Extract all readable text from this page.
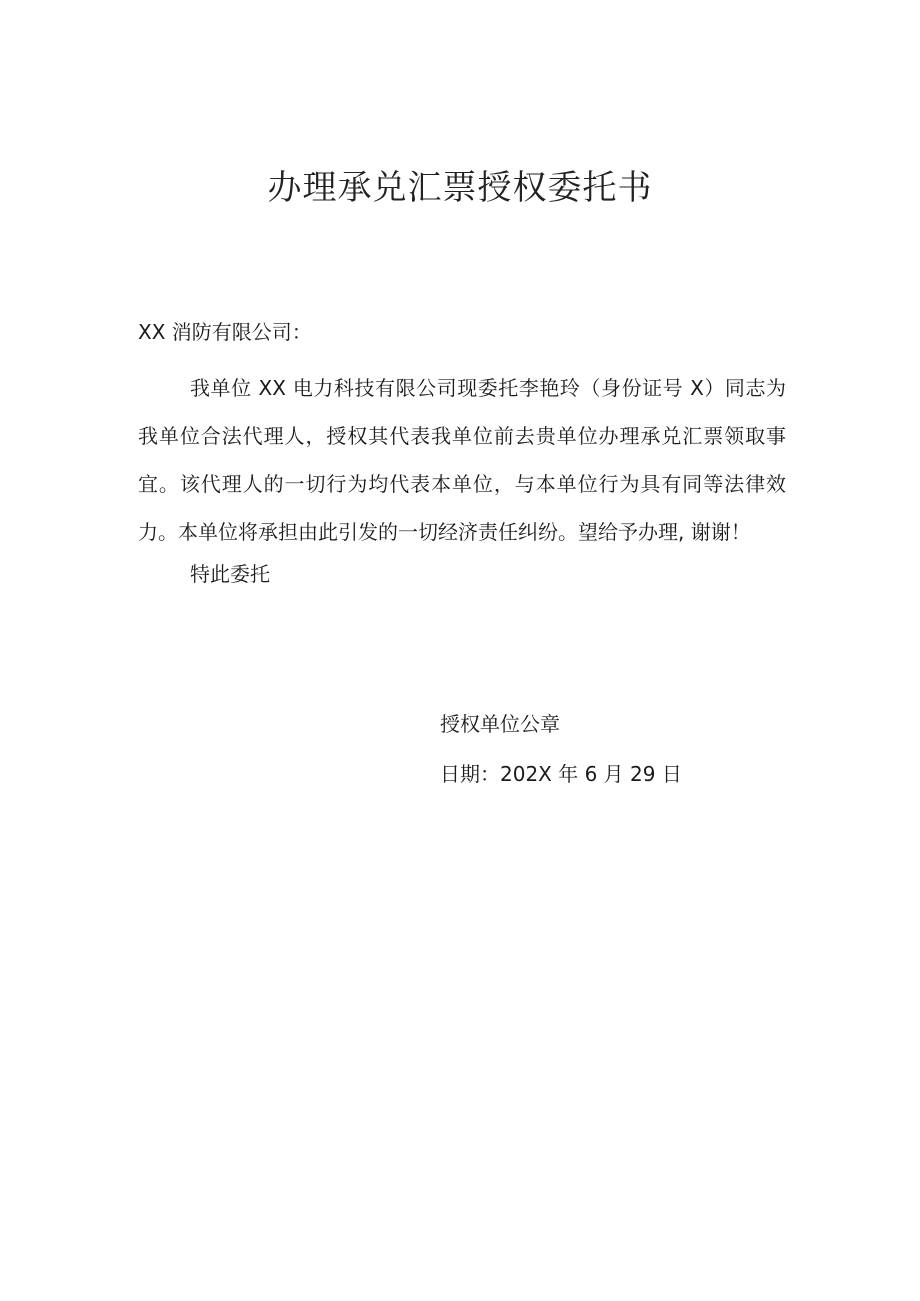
办理承兑汇票授权委托书

XX 消防有限公司：

我单位 XX 电力科技有限公司现委托李艳玲（身份证号 X）同志为我单位合法代理人，授权其代表我单位前去贵单位办理承兑汇票领取事宜。该代理人的一切行为均代表本单位，与本单位行为具有同等法律效力。本单位将承担由此引发的一切经济责任纠纷。望给予办理, 谢谢！

特此委托

授权单位公章

日期：202X 年 6 月 29 日
